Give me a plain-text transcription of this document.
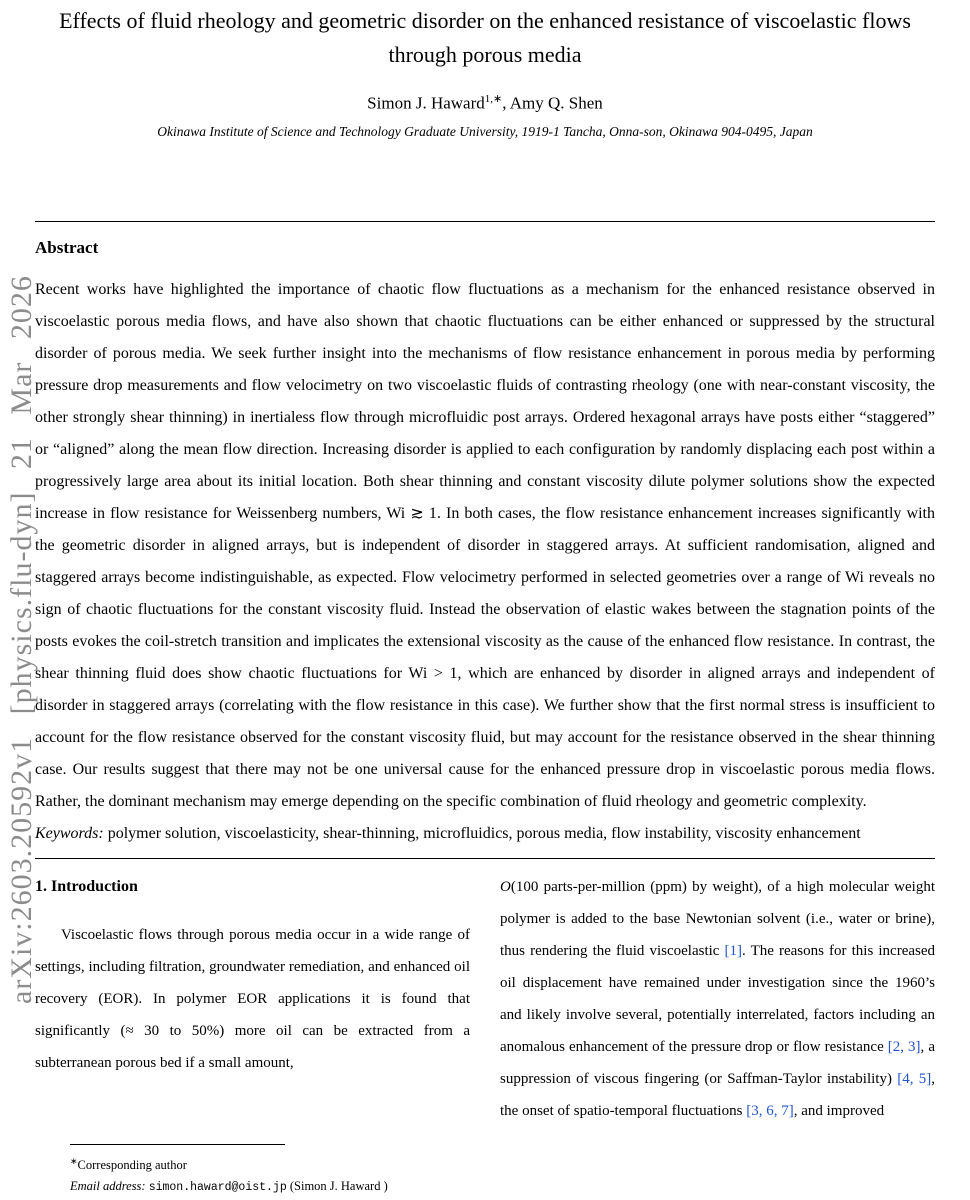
arXiv:2603.20592v1 [physics.flu-dyn] 21 Mar 2026
Effects of fluid rheology and geometric disorder on the enhanced resistance of viscoelastic flows through porous media

Simon J. Haward$^{1,∗}$, Amy Q. Shen

Okinawa Institute of Science and Technology Graduate University, 1919-1 Tancha, Onna-son, Okinawa 904-0495, Japan

Abstract

Recent works have highlighted the importance of chaotic flow fluctuations as a mechanism for the enhanced resistance observed in viscoelastic porous media flows, and have also shown that chaotic fluctuations can be either enhanced or suppressed by the structural disorder of porous media. We seek further insight into the mechanisms of flow resistance enhancement in porous media by performing pressure drop measurements and flow velocimetry on two viscoelastic fluids of contrasting rheology (one with near-constant viscosity, the other strongly shear thinning) in inertialess flow through microfluidic post arrays. Ordered hexagonal arrays have posts either “staggered” or “aligned” along the mean flow direction. Increasing disorder is applied to each configuration by randomly displacing each post within a progressively large area about its initial location. Both shear thinning and constant viscosity dilute polymer solutions show the expected increase in flow resistance for Weissenberg numbers, Wi ≳ 1. In both cases, the flow resistance enhancement increases significantly with the geometric disorder in aligned arrays, but is independent of disorder in staggered arrays. At sufficient randomisation, aligned and staggered arrays become indistinguishable, as expected. Flow velocimetry performed in selected geometries over a range of Wi reveals no sign of chaotic fluctuations for the constant viscosity fluid. Instead the observation of elastic wakes between the stagnation points of the posts evokes the coil-stretch transition and implicates the extensional viscosity as the cause of the enhanced flow resistance. In contrast, the shear thinning fluid does show chaotic fluctuations for Wi > 1, which are enhanced by disorder in aligned arrays and independent of disorder in staggered arrays (correlating with the flow resistance in this case). We further show that the first normal stress is insufficient to account for the flow resistance observed for the constant viscosity fluid, but may account for the resistance observed in the shear thinning case. Our results suggest that there may not be one universal cause for the enhanced pressure drop in viscoelastic porous media flows. Rather, the dominant mechanism may emerge depending on the specific combination of fluid rheology and geometric complexity.

Keywords: polymer solution, viscoelasticity, shear-thinning, microfluidics, porous media, flow instability, viscosity enhancement

1. Introduction

Viscoelastic flows through porous media occur in a wide range of settings, including filtration, groundwater remediation, and enhanced oil recovery (EOR). In polymer EOR applications it is found that significantly (≈ 30 to 50%) more oil can be extracted from a subterranean porous bed if a small amount,

O(100 parts-per-million (ppm) by weight), of a high molecular weight polymer is added to the base Newtonian solvent (i.e., water or brine), thus rendering the fluid viscoelastic [1]. The reasons for this increased oil displacement have remained under investigation since the 1960’s and likely involve several, potentially interrelated, factors including an anomalous enhancement of the pressure drop or flow resistance [2, 3], a suppression of viscous fingering (or Saffman-Taylor instability) [4, 5], the onset of spatio-temporal fluctuations [3, 6, 7], and improved

∗Corresponding author

Email address: simon.haward@oist.jp (Simon J. Haward )
